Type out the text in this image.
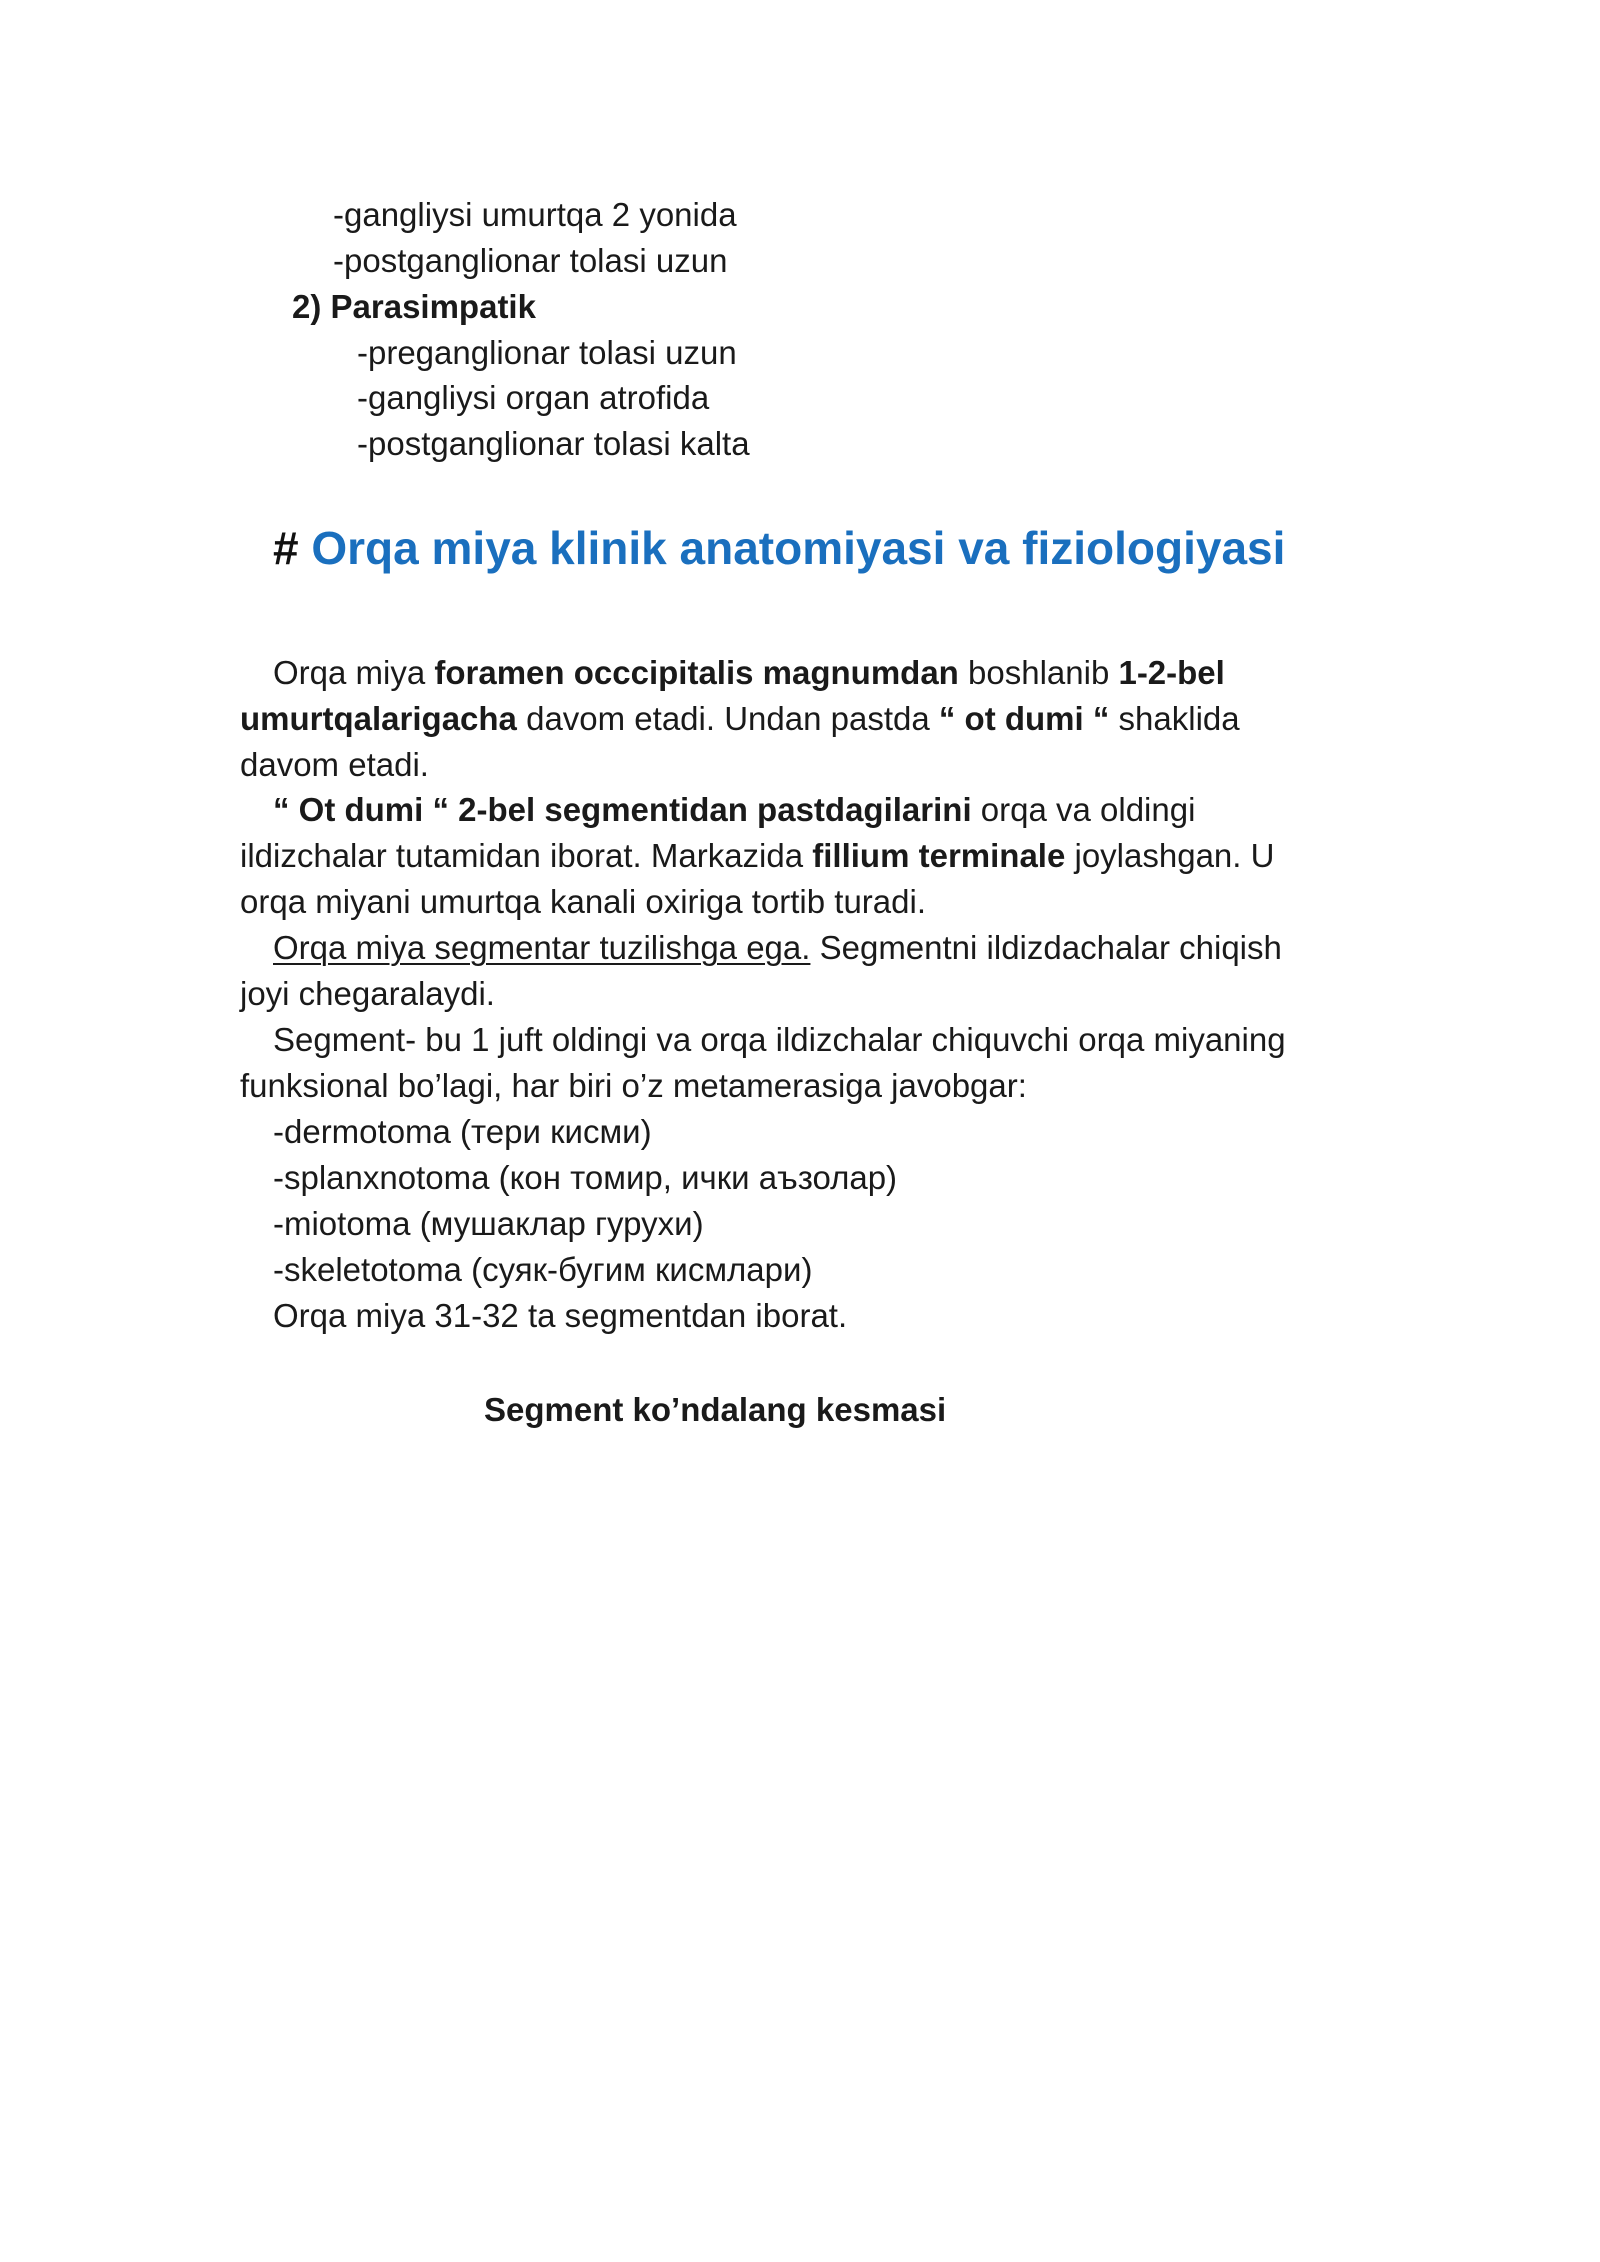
-gangliysi umurtqa 2 yonida
-postganglionar tolasi uzun
2) Parasimpatik
-preganglionar tolasi uzun
-gangliysi organ atrofida
-postganglionar tolasi kalta
# Orqa miya klinik anatomiyasi va fiziologiyasi
Orqa miya foramen occcipitalis magnumdan boshlanib 1-2-bel
umurtqalarigacha davom etadi. Undan pastda “ ot dumi “ shaklida
davom etadi.
“ Ot dumi “ 2-bel segmentidan pastdagilarini orqa va oldingi
ildizchalar tutamidan iborat. Markazida fillium terminale joylashgan. U
orqa miyani umurtqa kanali oxiriga tortib turadi.
Orqa miya segmentar tuzilishga ega. Segmentni ildizdachalar chiqish
joyi chegaralaydi.
Segment- bu 1 juft oldingi va orqa ildizchalar chiquvchi orqa miyaning
funksional bo’lagi, har biri o’z metamerasiga javobgar:
-dermotoma (тери кисми)
-splanxnotoma (кон томир, ички аъзолар)
-miotoma (мушаклар гурухи)
-skeletotoma (суяк-бугим кисмлари)
Orqa miya 31-32 ta segmentdan iborat.
Segment ko’ndalang kesmasi
